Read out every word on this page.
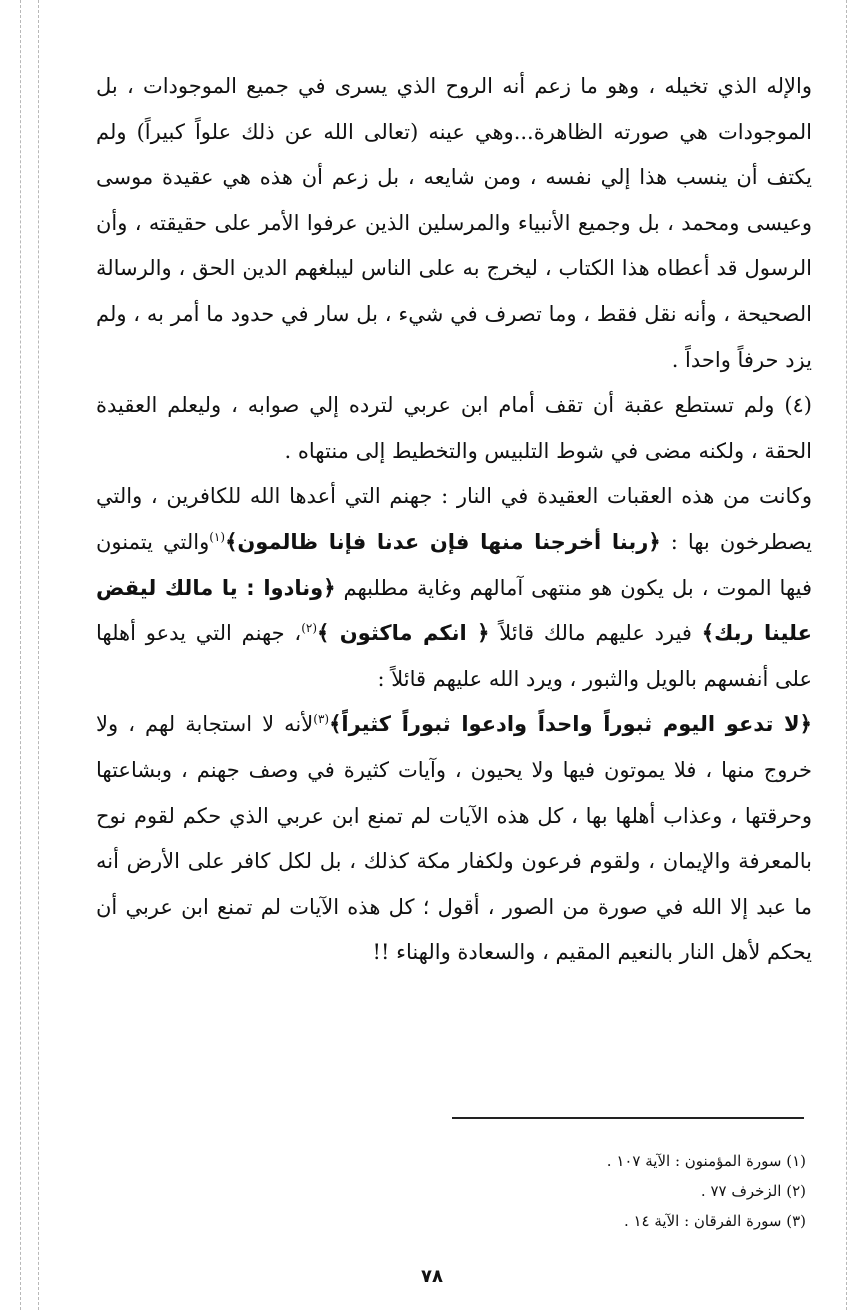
والإله الذي تخيله ، وهو ما زعم أنه الروح الذي يسرى في جميع الموجودات ، بل الموجودات هي صورته الظاهرة...وهي عينه (تعالى الله عن ذلك علواً كبيراً) ولم يكتف أن ينسب هذا إلي نفسه ، ومن شايعه ، بل زعم أن هذه هي عقيدة موسى وعيسى ومحمد ، بل وجميع الأنبياء والمرسلين الذين عرفوا الأمر على حقيقته ، وأن الرسول قد أعطاه هذا الكتاب ، ليخرج به على الناس ليبلغهم الدين الحق ، والرسالة الصحيحة ، وأنه نقل فقط ، وما تصرف في شيء ، بل سار في حدود ما أمر به ، ولم يزد حرفاً واحداً .

(٤) ولم تستطع عقبة أن تقف أمام ابن عربي لترده إلي صوابه ، وليعلم العقيدة الحقة ، ولكنه مضى في شوط التلبيس والتخطيط إلى منتهاه .

وكانت من هذه العقبات العقيدة في النار : جهنم التي أعدها الله للكافرين ، والتي يصطرخون بها : ﴿ربنا أخرجنا منها فإن عدنا فإنا ظالمون﴾$^{(١)}$والتي يتمنون فيها الموت ، بل يكون هو منتهى آمالهم وغاية مطلبهم ﴿ونادوا : يا مالك ليقض علينا ربك﴾ فيرد عليهم مالك قائلاً ﴿ انكم ماكثون ﴾$^{(٢)}$، جهنم التي يدعو أهلها على أنفسهم بالويل والثبور ، ويرد الله عليهم قائلاً :

﴿لا تدعو اليوم ثبوراً واحداً وادعوا ثبوراً كثيراً﴾$^{(٣)}$لأنه لا استجابة لهم ، ولا خروج منها ، فلا يموتون فيها ولا يحيون ، وآيات كثيرة في وصف جهنم ، وبشاعتها وحرقتها ، وعذاب أهلها بها ، كل هذه الآيات لم تمنع ابن عربي الذي حكم لقوم نوح بالمعرفة والإيمان ، ولقوم فرعون ولكفار مكة كذلك ، بل لكل كافر على الأرض أنه ما عبد إلا الله في صورة من الصور ، أقول ؛ كل هذه الآيات لم تمنع ابن عربي أن يحكم لأهل النار بالنعيم المقيم ، والسعادة والهناء !!

(١) سورة المؤمنون : الآية ١٠٧ .
(٢) الزخرف ٧٧ .
(٣) سورة الفرقان : الآية ١٤ .
٧٨
